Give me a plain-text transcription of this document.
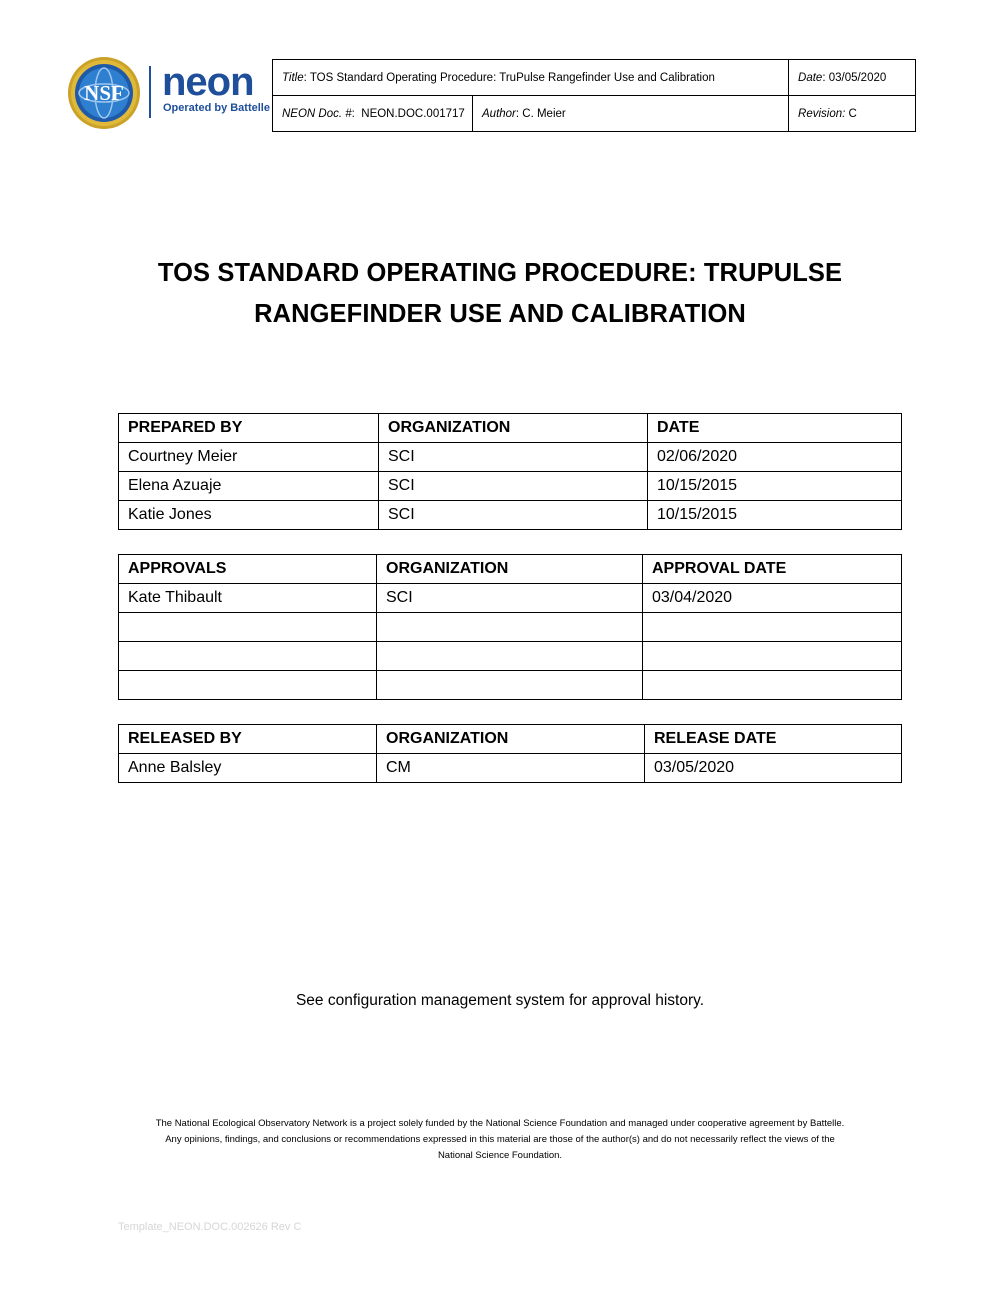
NSF neon
Operated by Battelle
Title: TOS Standard Operating Procedure: TruPulse Rangefinder Use and Calibration		Date: 03/05/2020
NEON Doc. #:  NEON.DOC.001717	Author: C. Meier	Revision: C
TOS STANDARD OPERATING PROCEDURE: TRUPULSE
RANGEFINDER USE AND CALIBRATION
PREPARED BY	ORGANIZATION	DATE
Courtney Meier	SCI	02/06/2020
Elena Azuaje	SCI	10/15/2015
Katie Jones	SCI	10/15/2015
APPROVALS	ORGANIZATION	APPROVAL DATE
Kate Thibault	SCI	03/04/2020

RELEASED BY	ORGANIZATION	RELEASE DATE
Anne Balsley	CM	03/05/2020
See configuration management system for approval history.
The National Ecological Observatory Network is a project solely funded by the National Science Foundation and managed under cooperative agreement by Battelle.
Any opinions, findings, and conclusions or recommendations expressed in this material are those of the author(s) and do not necessarily reflect the views of the
National Science Foundation.
Template_NEON.DOC.002626 Rev C
